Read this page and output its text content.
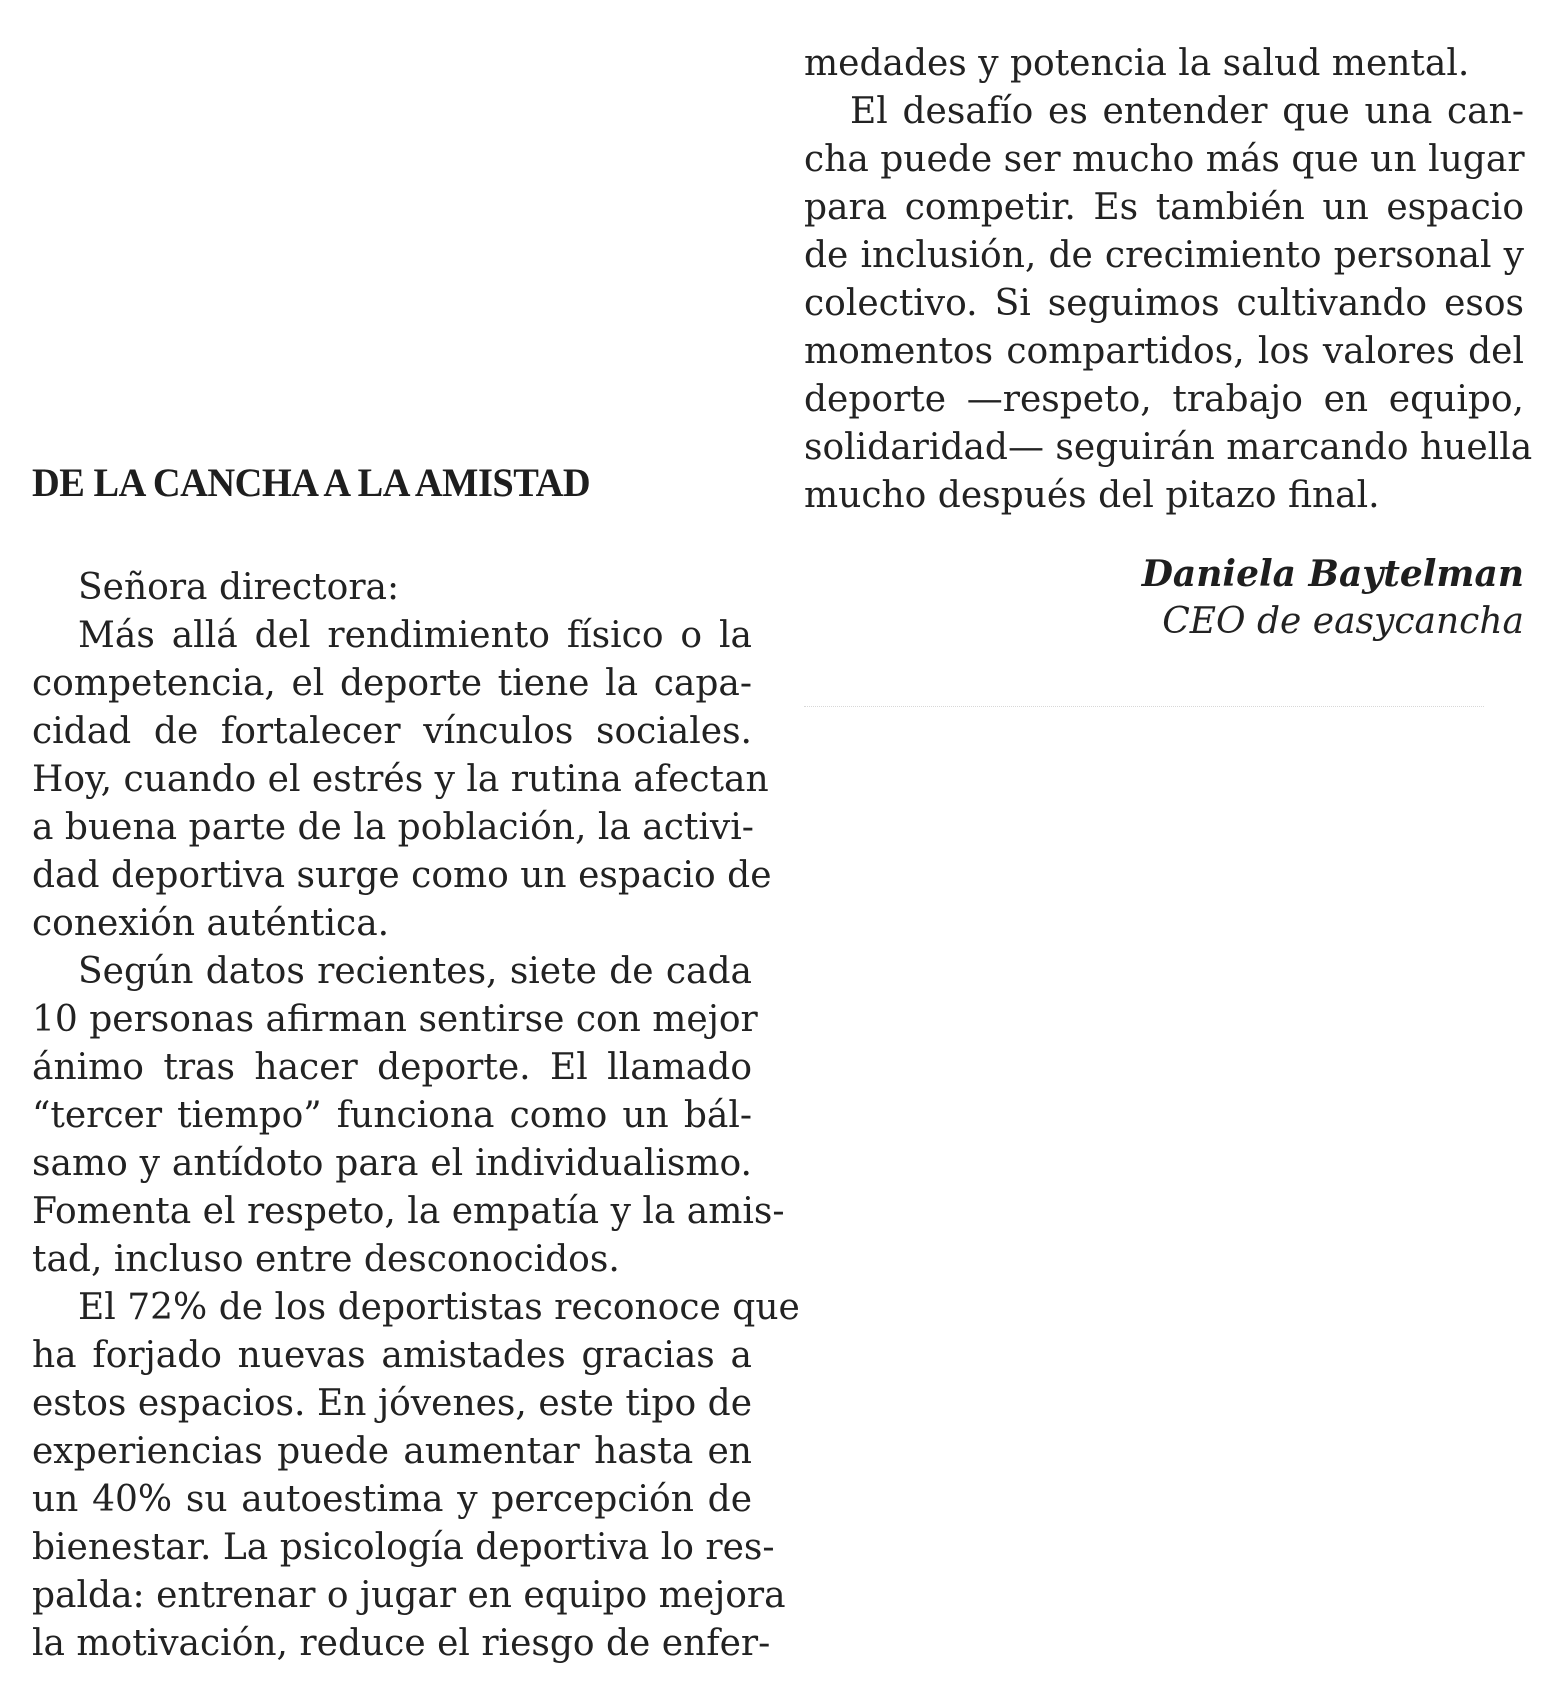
DE LA CANCHA A LA AMISTAD
Señora directora:
Más allá del rendimiento físico o la
competencia, el deporte tiene la capa-
cidad de fortalecer vínculos sociales.
Hoy, cuando el estrés y la rutina afectan
a buena parte de la población, la activi-
dad deportiva surge como un espacio de
conexión auténtica.
Según datos recientes, siete de cada
10 personas afirman sentirse con mejor
ánimo tras hacer deporte. El llamado
“tercer tiempo” funciona como un bál-
samo y antídoto para el individualismo.
Fomenta el respeto, la empatía y la amis-
tad, incluso entre desconocidos.
El 72% de los deportistas reconoce que
ha forjado nuevas amistades gracias a
estos espacios. En jóvenes, este tipo de
experiencias puede aumentar hasta en
un 40% su autoestima y percepción de
bienestar. La psicología deportiva lo res-
palda: entrenar o jugar en equipo mejora
la motivación, reduce el riesgo de enfer-
medades y potencia la salud mental.
El desafío es entender que una can-
cha puede ser mucho más que un lugar
para competir. Es también un espacio
de inclusión, de crecimiento personal y
colectivo. Si seguimos cultivando esos
momentos compartidos, los valores del
deporte —respeto, trabajo en equipo,
solidaridad— seguirán marcando huella
mucho después del pitazo final.
Daniela Baytelman
CEO de easycancha
